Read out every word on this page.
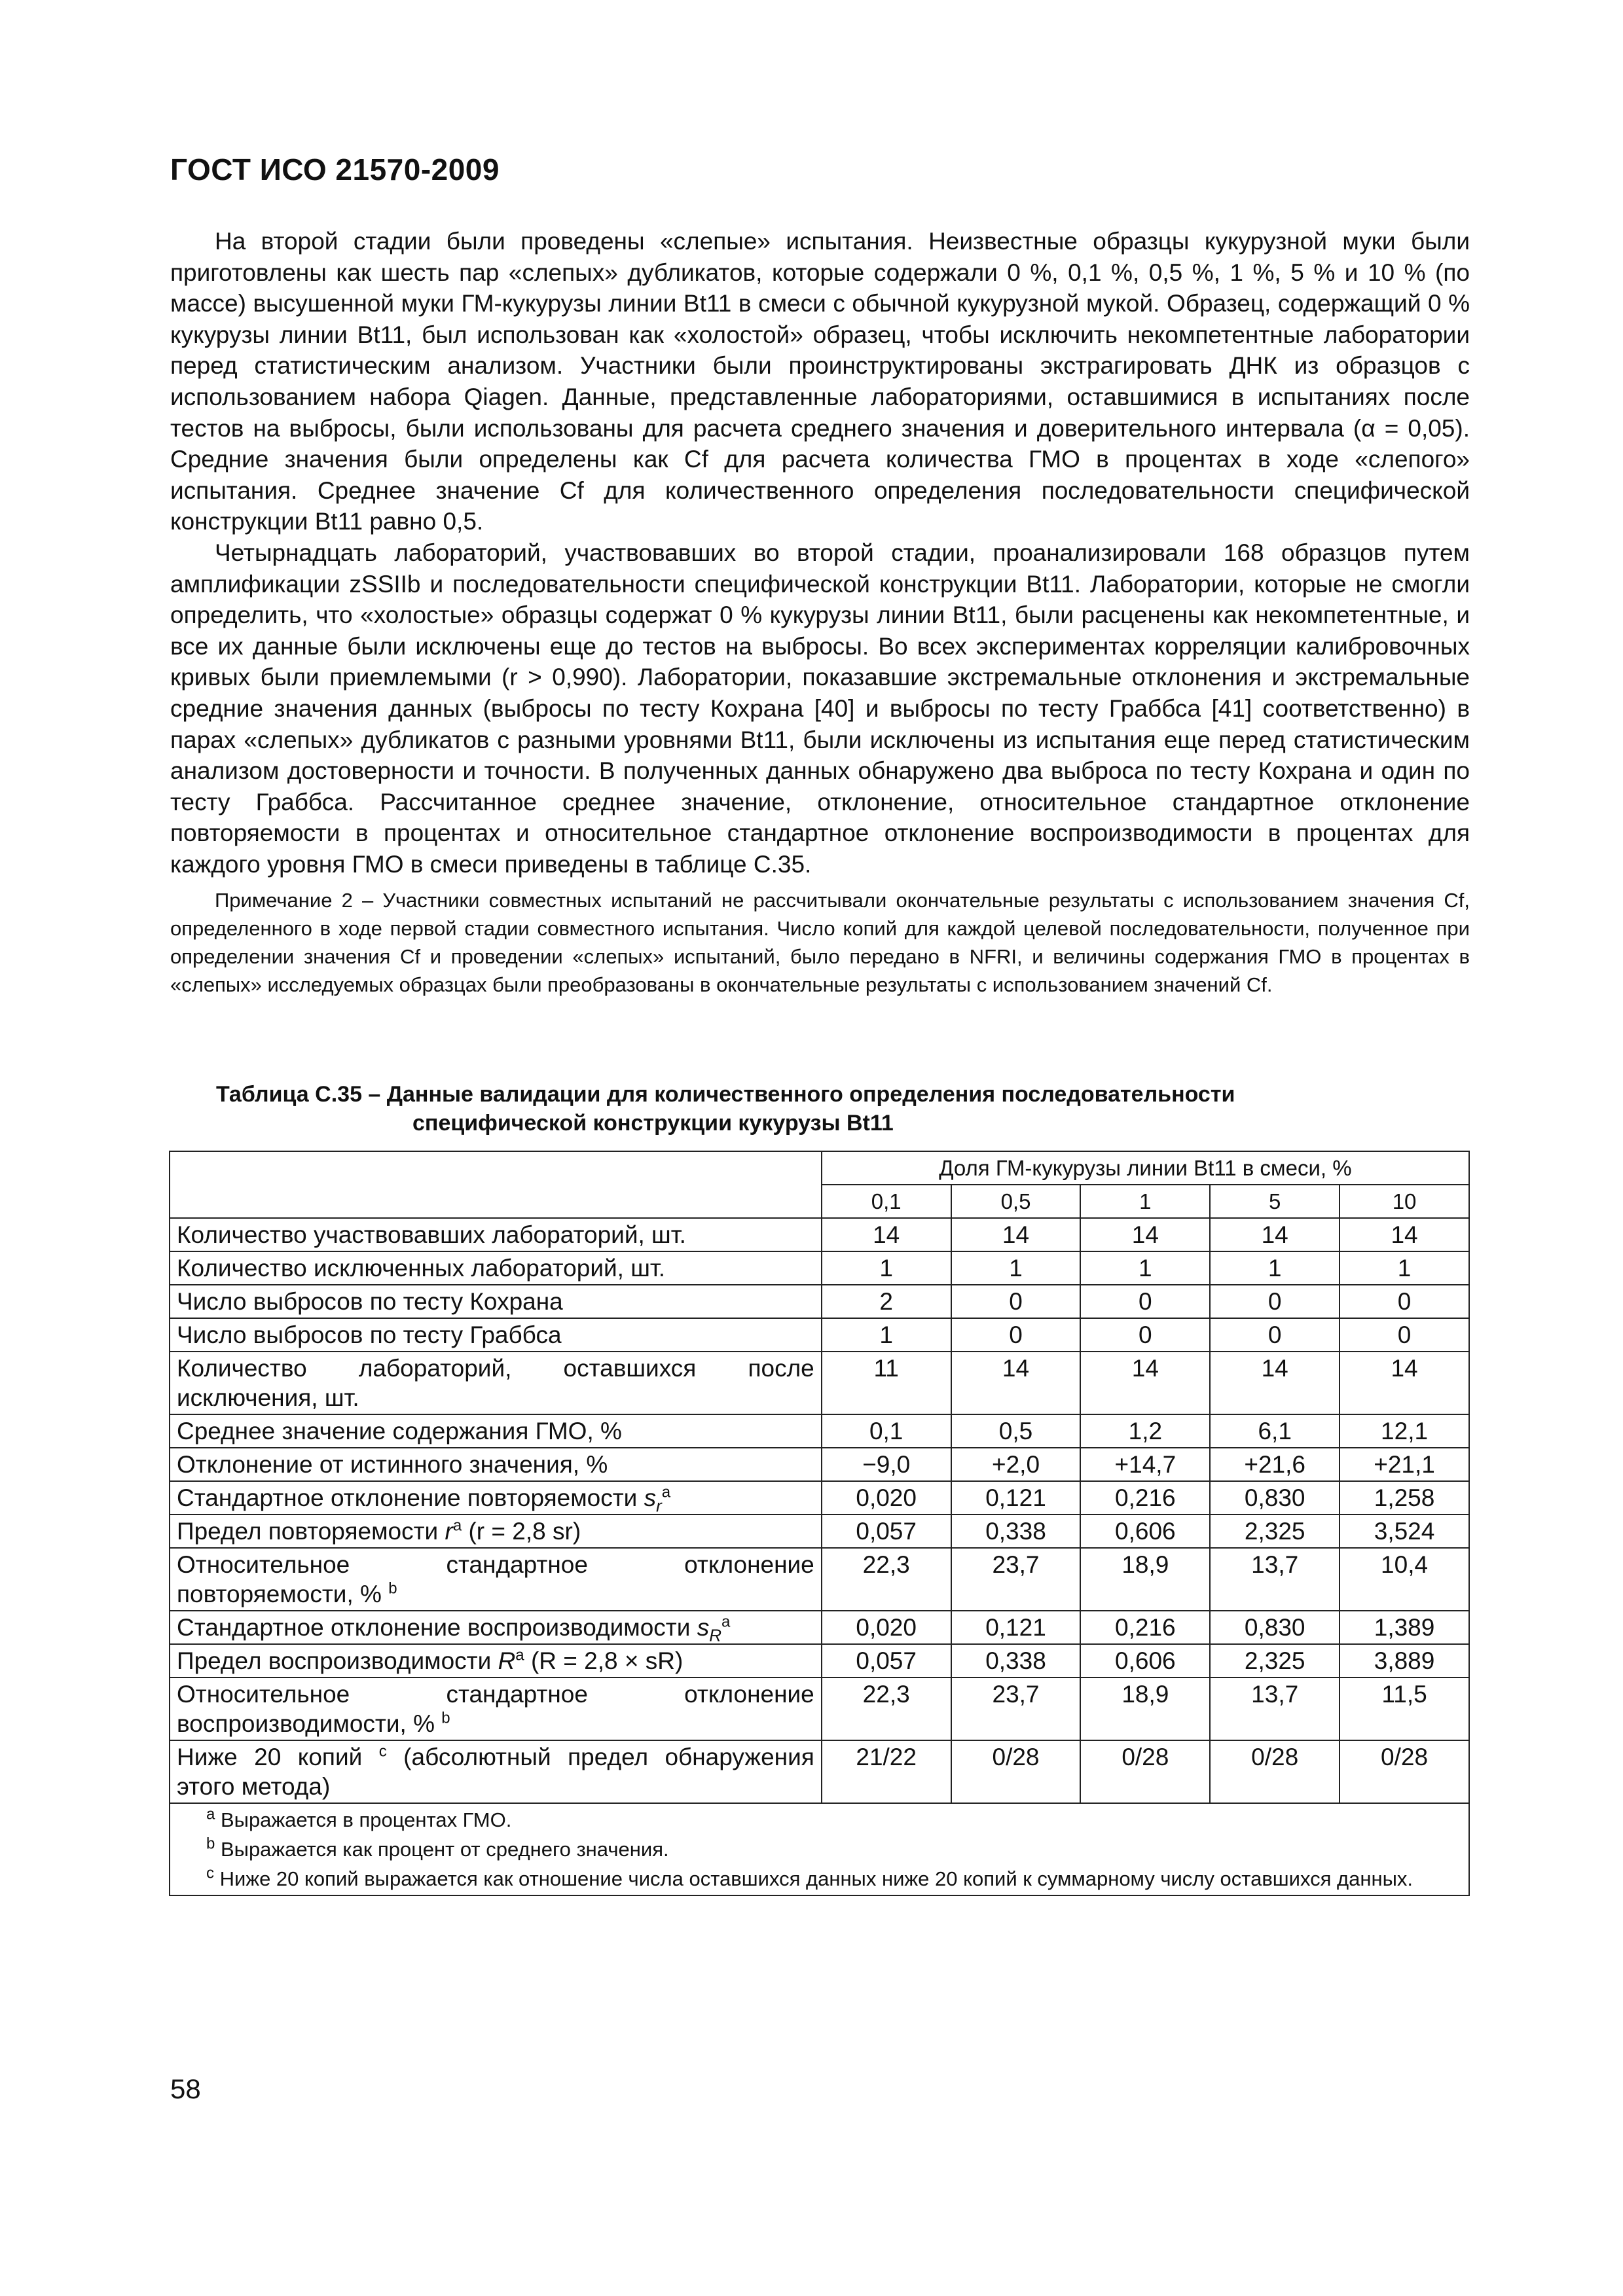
ГОСТ ИСО 21570-2009

На второй стадии были проведены «слепые» испытания. Неизвестные образцы кукурузной муки были приготовлены как шесть пар «слепых» дубликатов, которые содержали 0 %, 0,1 %, 0,5 %, 1 %, 5 % и 10 % (по массе) высушенной муки ГМ-кукурузы линии Bt11 в смеси с обычной кукурузной мукой. Образец, содержащий 0 % кукурузы линии Bt11, был использован как «холостой» образец, чтобы исключить некомпетентные лаборатории перед статистическим анализом. Участники были проинструктированы экстрагировать ДНК из образцов с использованием набора Qiagen. Данные, представленные лабораториями, оставшимися в испытаниях после тестов на выбросы, были использованы для расчета среднего значения и доверительного интервала (α = 0,05). Средние значения были определены как Cf для расчета количества ГМО в процентах в ходе «слепого» испытания. Среднее значение Cf для количественного определения последовательности специфической конструкции Bt11 равно 0,5.

Четырнадцать лабораторий, участвовавших во второй стадии, проанализировали 168 образцов путем амплификации zSSIIb и последовательности специфической конструкции Bt11. Лаборатории, которые не смогли определить, что «холостые» образцы содержат 0 % кукурузы линии Bt11, были расценены как некомпетентные, и все их данные были исключены еще до тестов на выбросы. Во всех экспериментах корреляции калибровочных кривых были приемлемыми (r > 0,990). Лаборатории, показавшие экстремальные отклонения и экстремальные средние значения данных (выбросы по тесту Кохрана [40] и выбросы по тесту Граббса [41] соответственно) в парах «слепых» дубликатов с разными уровнями Bt11, были исключены из испытания еще перед статистическим анализом достоверности и точности. В полученных данных обнаружено два выброса по тесту Кохрана и один по тесту Граббса. Рассчитанное среднее значение, отклонение, относительное стандартное отклонение повторяемости в процентах и относительное стандартное отклонение воспроизводимости в процентах для каждого уровня ГМО в смеси приведены в таблице С.35.

Примечание 2 – Участники совместных испытаний не рассчитывали окончательные результаты с использованием значения Cf, определенного в ходе первой стадии совместного испытания. Число копий для каждой целевой последовательности, полученное при определении значения Cf и проведении «слепых» испытаний, было передано в NFRI, и величины содержания ГМО в процентах в «слепых» исследуемых образцах были преобразованы в окончательные результаты с использованием значений Cf.

Таблица С.35 – Данные валидации для количественного определения последовательности
специфической конструкции кукурузы Bt11
	Доля ГМ-кукурузы линии Bt11 в смеси, %				
	0,1	0,5	1	5	10
Количество участвовавших лабораторий, шт.	14	14	14	14	14
Количество исключенных лабораторий, шт.	1	1	1	1	1
Число выбросов по тесту Кохрана	2	0	0	0	0
Число выбросов по тесту Граббса	1	0	0	0	0
Количество лабораторий, оставшихся после исключения, шт.	11	14	14	14	14
Среднее значение содержания ГМО, %	0,1	0,5	1,2	6,1	12,1
Отклонение от истинного значения, %	−9,0	+2,0	+14,7	+21,6	+21,1
Стандартное отклонение повторяемости $s_r^a$	0,020	0,121	0,216	0,830	1,258
Предел повторяемости $r^a$ (r = 2,8 sr)	0,057	0,338	0,606	2,325	3,524
Относительное стандартное отклонение повторяемости, % $^b$	22,3	23,7	18,9	13,7	10,4
Стандартное отклонение воспроизводимости $s_R^a$	0,020	0,121	0,216	0,830	1,389
Предел воспроизводимости $R^a$ (R = 2,8 × sR)	0,057	0,338	0,606	2,325	3,889
Относительное стандартное отклонение воспроизводимости, % $^b$	22,3	23,7	18,9	13,7	11,5
Ниже 20 копий $^c$ (абсолютный предел обнаружения этого метода)	21/22	0/28	0/28	0/28	0/28

$^a$ Выражается в процентах ГМО.
$^b$ Выражается как процент от среднего значения.
$^c$ Ниже 20 копий выражается как отношение числа оставшихся данных ниже 20 копий к суммарному числу оставшихся данных.					
58
